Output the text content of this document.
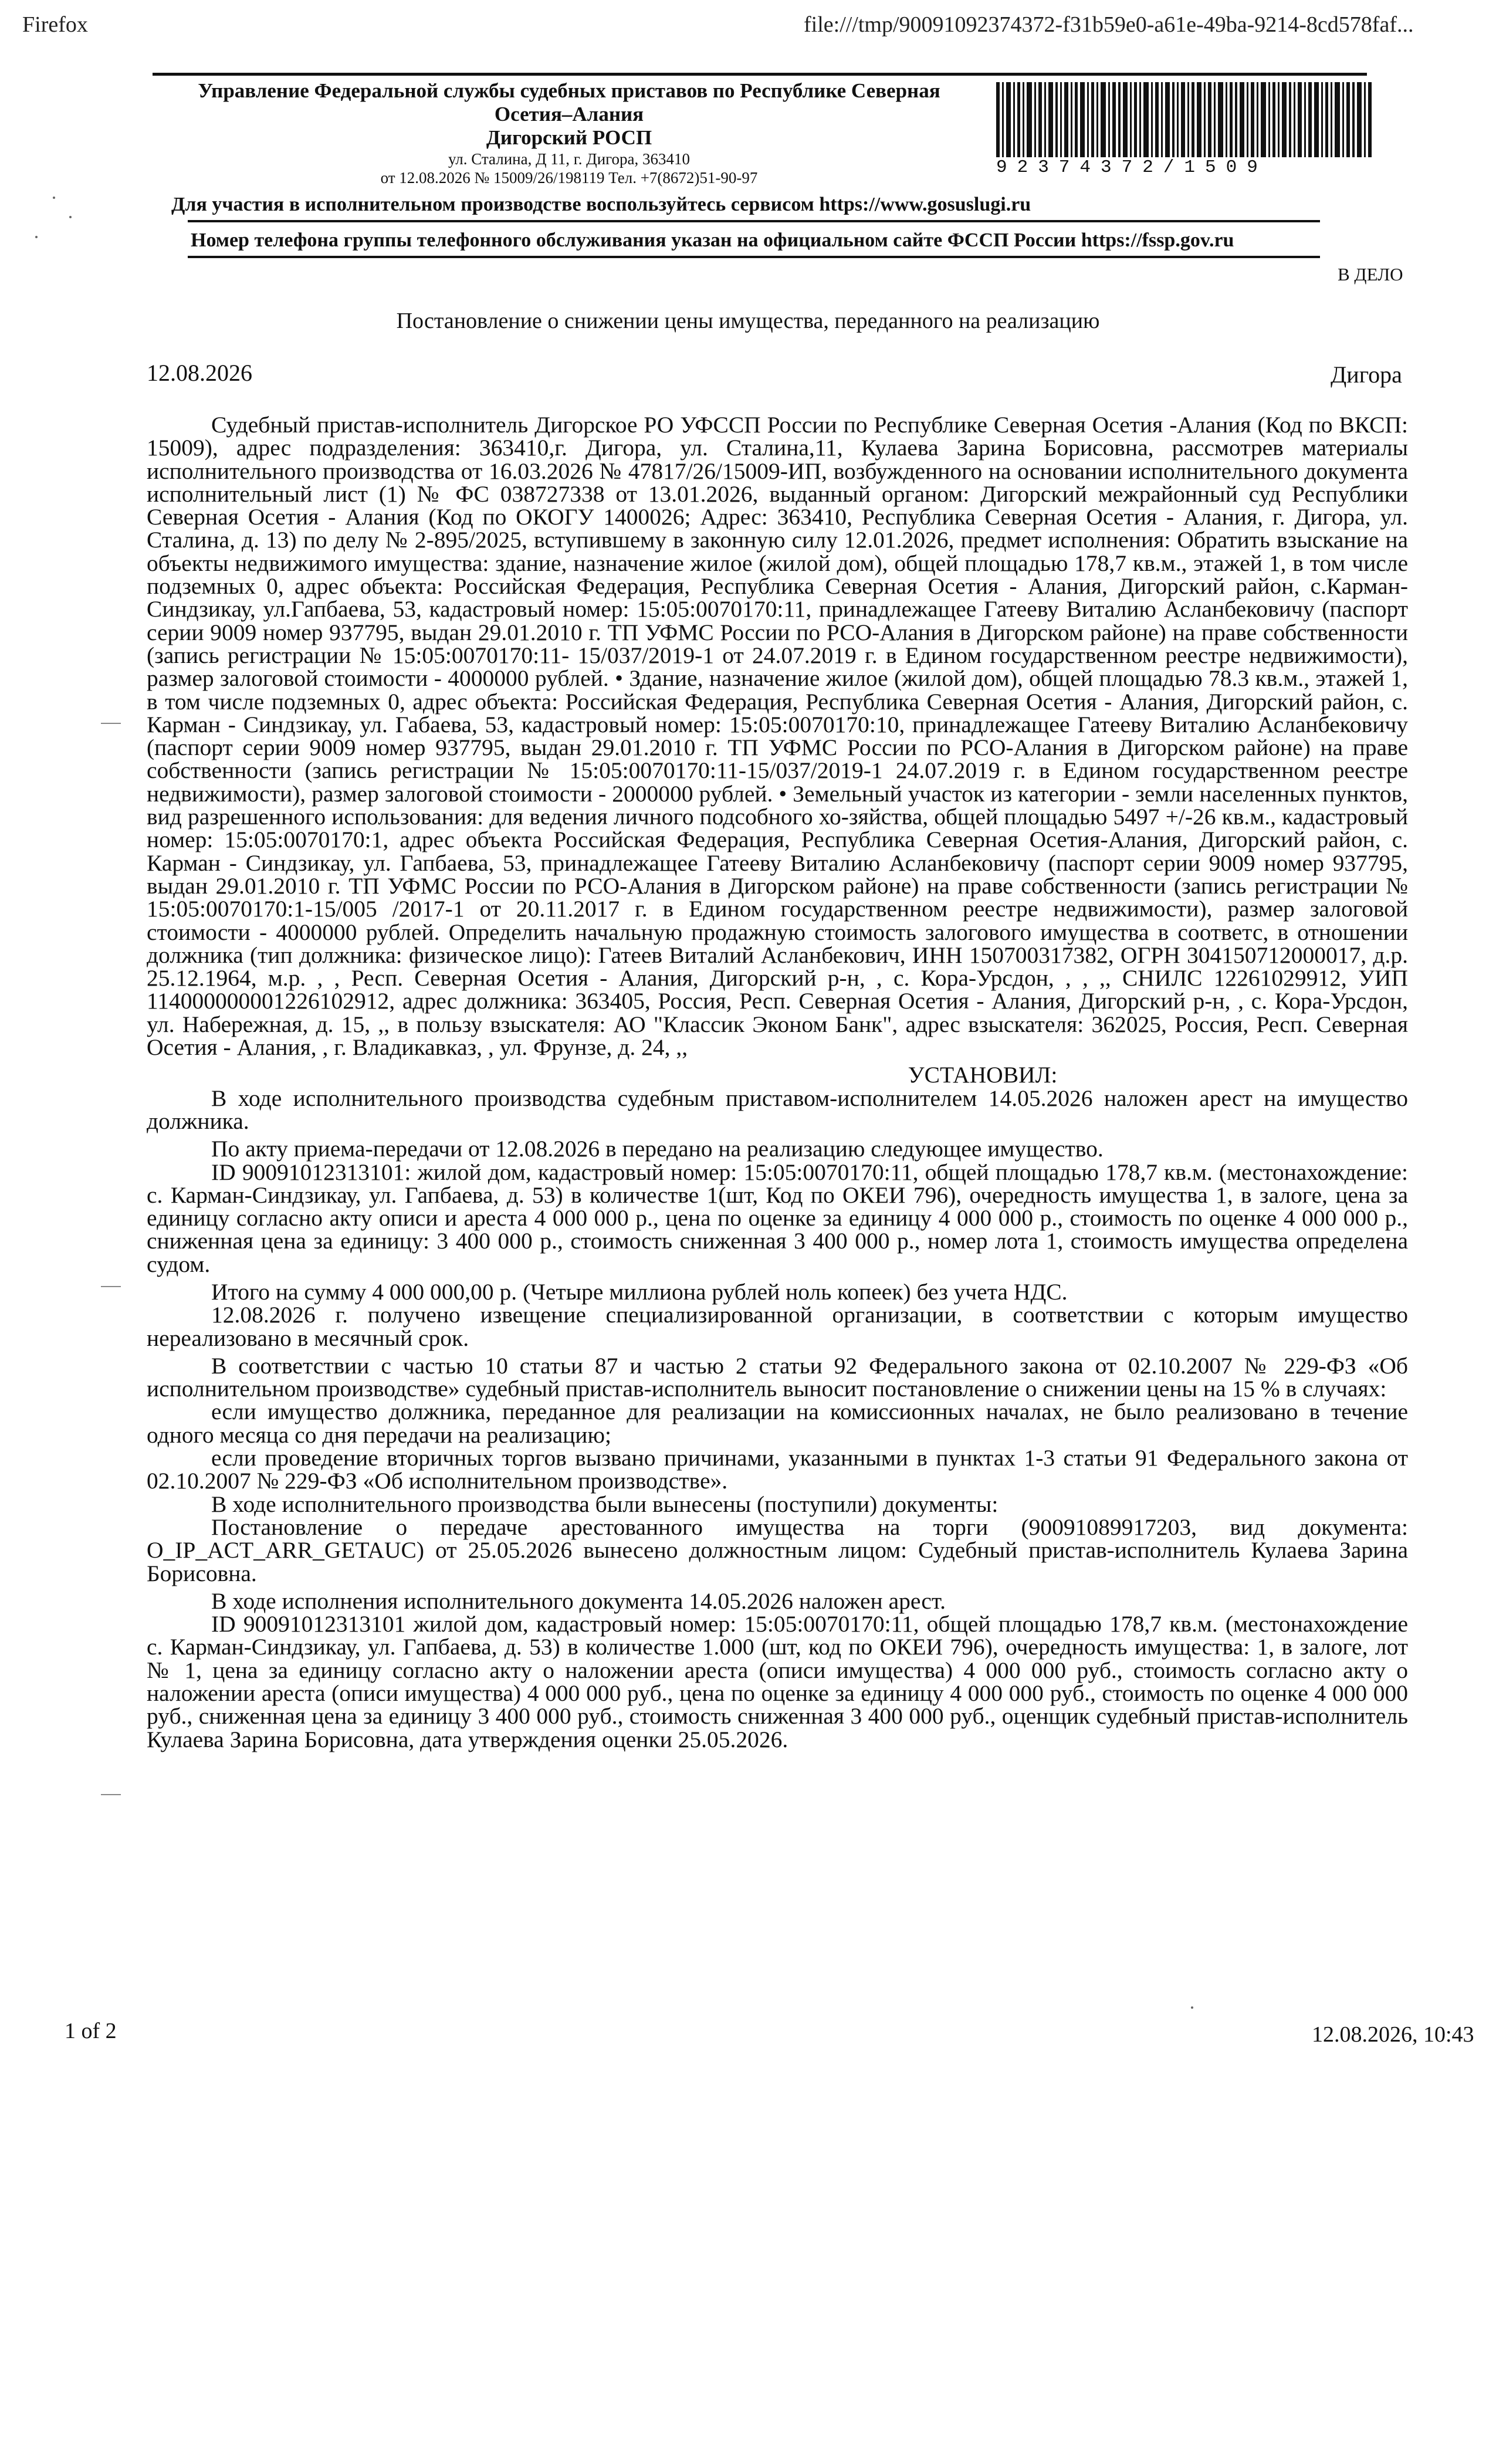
Firefox	file:///tmp/90091092374372-f31b59e0-a61e-49ba-9214-8cd578faf...
Управление Федеральной службы судебных приставов по Республике Северная
Осетия–Алания
Дигорский РОСП
ул. Сталина, Д 11, г. Дигора, 363410
от 12.08.2026 № 15009/26/198119 Тел. +7(8672)51-90-97	92374372/1509
Для участия в исполнительном производстве воспользуйтесь сервисом https://www.gosuslugi.ru
Номер телефона группы телефонного обслуживания указан на официальном сайте ФССП России https://fssp.gov.ru
В ДЕЛО
Постановление о снижении цены имущества, переданного на реализацию
12.08.2026	Дигора

Судебный пристав-исполнитель Дигорское РО УФССП России по Республике Северная Осетия -Алания (Код по ВКСП: 15009), адрес подразделения: 363410,г. Дигора, ул. Сталина,11, Кулаева Зарина Борисовна, рассмотрев материалы исполнительного производства от 16.03.2026 № 47817/26/15009-ИП, возбужденного на основании исполнительного документа исполнительный лист (1) № ФС 038727338 от 13.01.2026, выданный органом: Дигорский межрайонный суд Республики Северная Осетия - Алания (Код по ОКОГУ 1400026; Адрес: 363410, Республика Северная Осетия - Алания, г. Дигора, ул. Сталина, д. 13) по делу № 2-895/2025, вступившему в законную силу 12.01.2026, предмет исполнения: Обратить взыскание на объекты недвижимого имущества: здание, назначение жилое (жилой дом), общей площадью 178,7 кв.м., этажей 1, в том числе подземных 0, адрес объекта: Российская Федерация, Республика Северная Осетия - Алания, Дигорский район, с.Карман-Синдзикау, ул.Гапбаева, 53, кадастровый номер: 15:05:0070170:11, принадлежащее Гатееву Виталию Асланбековичу (паспорт серии 9009 номер 937795, выдан 29.01.2010 г. ТП УФМС России по РСО-Алания в Дигорском районе) на праве собственности (запись регистрации № 15:05:0070170:11- 15/037/2019-1 от 24.07.2019 г. в Едином государственном реестре недвижимости), размер залоговой стоимости - 4000000 рублей. • Здание, назначение жилое (жилой дом), общей площадью 78.3 кв.м., этажей 1, в том числе подземных 0, адрес объекта: Российская Федерация, Республика Северная Осетия - Алания, Дигорский район, с. Карман - Синдзикау, ул. Габаева, 53, кадастровый номер: 15:05:0070170:10, принадлежащее Гатееву Виталию Асланбековичу (паспорт серии 9009 номер 937795, выдан 29.01.2010 г. ТП УФМС России по РСО-Алания в Дигорском районе) на праве собственности (запись регистрации № 15:05:0070170:11-15/037/2019-1 24.07.2019 г. в Едином государственном реестре недвижимости), размер залоговой стоимости - 2000000 рублей. • Земельный участок из категории - земли населенных пунктов, вид разрешенного использования: для ведения личного подсобного хо-зяйства, общей площадью 5497 +/-26 кв.м., кадастровый номер: 15:05:0070170:1, адрес объекта Российская Федерация, Республика Северная Осетия-Алания, Дигорский район, с. Карман - Синдзикау, ул. Гапбаева, 53, принадлежащее Гатееву Виталию Асланбековичу (паспорт серии 9009 номер 937795, выдан 29.01.2010 г. ТП УФМС России по РСО-Алания в Дигорском районе) на праве собственности (запись регистрации № 15:05:0070170:1-15/005 /2017-1 от 20.11.2017 г. в Едином государственном реестре недвижимости), размер залоговой стоимости - 4000000 рублей. Определить начальную продажную стоимость залогового имущества в соответс, в отношении должника (тип должника: физическое лицо): Гатеев Виталий Асланбекович, ИНН 150700317382, ОГРН 304150712000017, д.р. 25.12.1964, м.р. , , Респ. Северная Осетия - Алания, Дигорский р-н, , с. Кора-Урсдон, , , ,, СНИЛС 12261029912, УИП 114000000001226102912, адрес должника: 363405, Россия, Респ. Северная Осетия - Алания, Дигорский р-н, , с. Кора-Урсдон, ул. Набережная, д. 15, ,, в пользу взыскателя: АО "Классик Эконом Банк", адрес взыскателя: 362025, Россия, Респ. Северная Осетия - Алания, , г. Владикавказ, , ул. Фрунзе, д. 24, ,,

УСТАНОВИЛ:

В ходе исполнительного производства судебным приставом-исполнителем 14.05.2026 наложен арест на имущество должника.

По акту приема-передачи от 12.08.2026 в передано на реализацию следующее имущество.

ID 90091012313101: жилой дом, кадастровый номер: 15:05:0070170:11, общей площадью 178,7 кв.м. (местонахождение: с. Карман-Синдзикау, ул. Гапбаева, д. 53) в количестве 1(шт, Код по ОКЕИ 796), очередность имущества 1, в залоге, цена за единицу согласно акту описи и ареста 4 000 000 р., цена по оценке за единицу 4 000 000 р., стоимость по оценке 4 000 000 р., сниженная цена за единицу: 3 400 000 р., стоимость сниженная 3 400 000 р., номер лота 1, стоимость имущества определена судом.

Итого на сумму 4 000 000,00 р. (Четыре миллиона рублей ноль копеек) без учета НДС.

12.08.2026 г. получено извещение специализированной организации, в соответствии с которым имущество нереализовано в месячный срок.

В соответствии с частью 10 статьи 87 и частью 2 статьи 92 Федерального закона от 02.10.2007 № 229-ФЗ «Об исполнительном производстве» судебный пристав-исполнитель выносит постановление о снижении цены на 15 % в случаях:

если имущество должника, переданное для реализации на комиссионных началах, не было реализовано в течение одного месяца со дня передачи на реализацию;

если проведение вторичных торгов вызвано причинами, указанными в пунктах 1-3 статьи 91 Федерального закона от 02.10.2007 № 229-ФЗ «Об исполнительном производстве».

В ходе исполнительного производства были вынесены (поступили) документы:

Постановление о передаче арестованного имущества на торги (90091089917203, вид документа: O_IP_ACT_ARR_GETAUC) от 25.05.2026 вынесено должностным лицом: Судебный пристав-исполнитель Кулаева Зарина Борисовна.

В ходе исполнения исполнительного документа 14.05.2026 наложен арест.

ID 90091012313101 жилой дом, кадастровый номер: 15:05:0070170:11, общей площадью 178,7 кв.м. (местонахождение с. Карман-Синдзикау, ул. Гапбаева, д. 53) в количестве 1.000 (шт, код по ОКЕИ 796), очередность имущества: 1, в залоге, лот № 1, цена за единицу согласно акту о наложении ареста (описи имущества) 4 000 000 руб., стоимость согласно акту о наложении ареста (описи имущества) 4 000 000 руб., цена по оценке за единицу 4 000 000 руб., стоимость по оценке 4 000 000 руб., сниженная цена за единицу 3 400 000 руб., стоимость сниженная 3 400 000 руб., оценщик судебный пристав-исполнитель Кулаева Зарина Борисовна, дата утверждения оценки 25.05.2026.

1 of 2	12.08.2026, 10:43
